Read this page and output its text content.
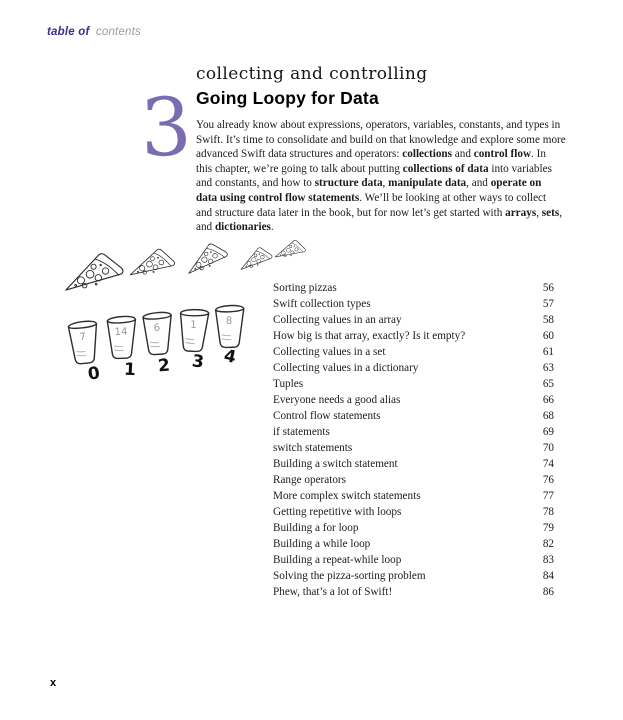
table of contents
3
collecting and controlling
Going Loopy for Data
You already know about expressions, operators, variables, constants, and types in
Swift. It’s time to consolidate and build on that knowledge and explore some more
advanced Swift data structures and operators: collections and control flow. In
this chapter, we’re going to talk about putting collections of data into variables
and constants, and how to structure data, manipulate data, and operate on
data using control flow statements. We’ll be looking at other ways to collect
and structure data later in the book, but for now let’s get started with arrays, sets,
and dictionaries.
7
0
14
1
6
2
1
3
8
4
Sorting pizzas	56
Swift collection types	57
Collecting values in an array	58
How big is that array, exactly? Is it empty?	60
Collecting values in a set	61
Collecting values in a dictionary	63
Tuples	65
Everyone needs a good alias	66
Control flow statements	68
if statements	69
switch statements	70
Building a switch statement	74
Range operators	76
More complex switch statements	77
Getting repetitive with loops	78
Building a for loop	79
Building a while loop	82
Building a repeat-while loop	83
Solving the pizza-sorting problem	84
Phew, that’s a lot of Swift!	86
x
